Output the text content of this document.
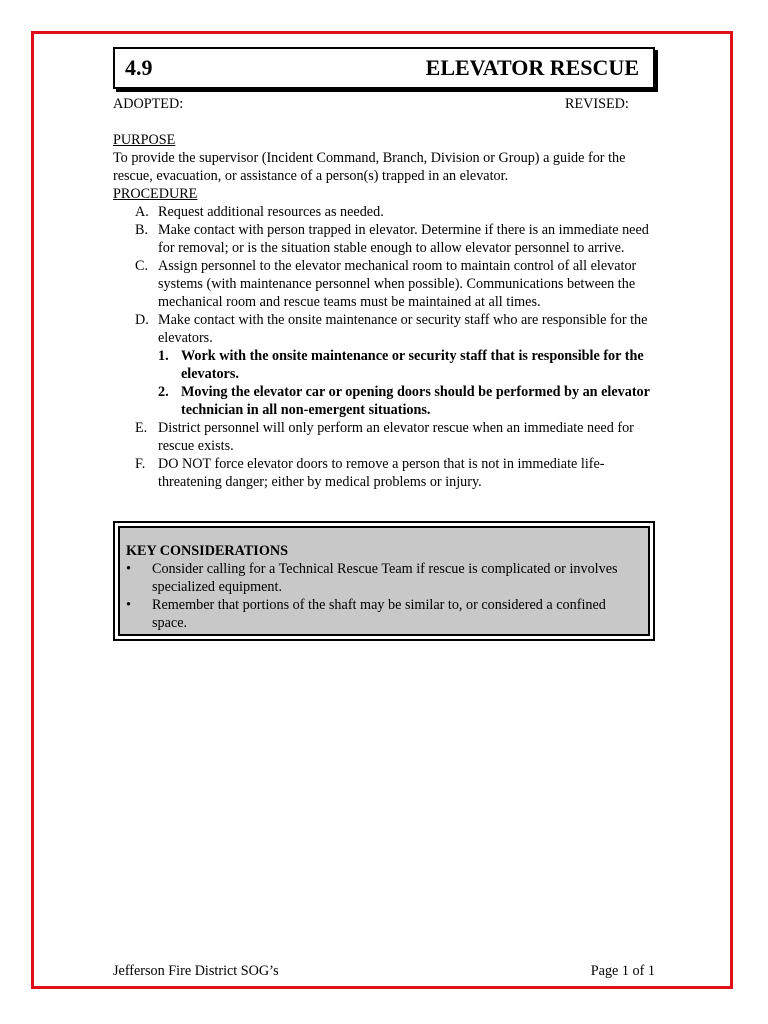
4.9	ELEVATOR RESCUE
ADOPTED:	REVISED:
PURPOSE

To provide the supervisor (Incident Command, Branch, Division or Group) a guide for the rescue, evacuation, or assistance of a person(s) trapped in an elevator.

PROCEDURE
A. Request additional resources as needed.
B. Make contact with person trapped in elevator. Determine if there is an immediate need for removal; or is the situation stable enough to allow elevator personnel to arrive.
C. Assign personnel to the elevator mechanical room to maintain control of all elevator systems (with maintenance personnel when possible). Communications between the mechanical room and rescue teams must be maintained at all times.
D. Make contact with the onsite maintenance or security staff who are responsible for the elevators.
1. Work with the onsite maintenance or security staff that is responsible for the elevators.
2. Moving the elevator car or opening doors should be performed by an elevator technician in all non-emergent situations.
E. District personnel will only perform an elevator rescue when an immediate need for rescue exists.
F. DO NOT force elevator doors to remove a person that is not in immediate life-threatening danger; either by medical problems or injury.
KEY CONSIDERATIONS
• Consider calling for a Technical Rescue Team if rescue is complicated or involves specialized equipment.
• Remember that portions of the shaft may be similar to, or considered a confined space.
Jefferson Fire District SOG’s	Page 1 of 1
